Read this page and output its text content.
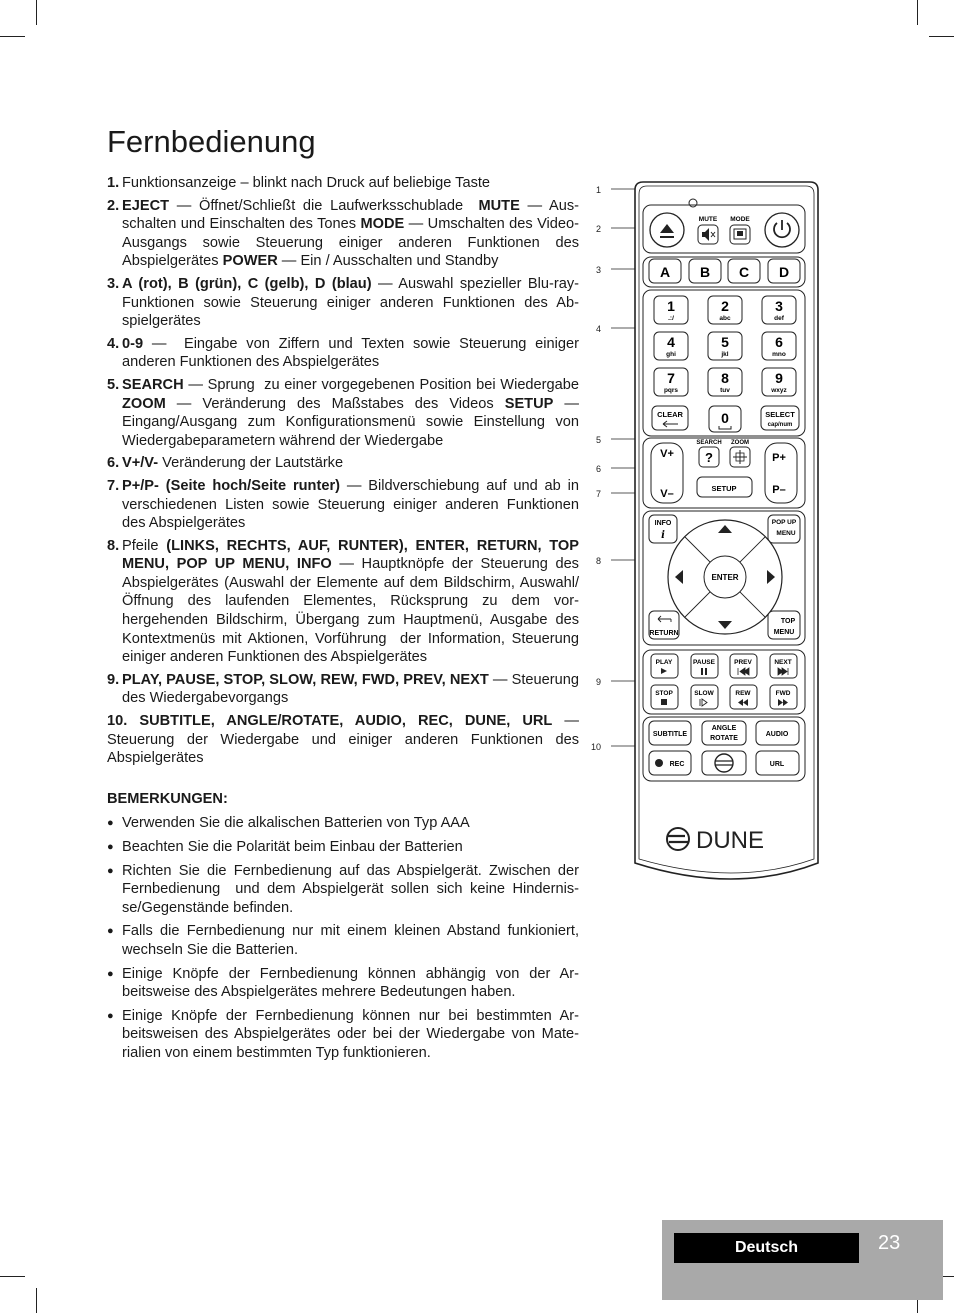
Fernbedienung
1. Funktionsanzeige – blinkt nach Druck auf beliebige Taste
2. EJECT — Öffnet/Schließt die Laufwerksschublade  MUTE — Ausschalten und Einschalten des Tones MODE — Umschalten des Video-Ausgangs sowie Steuerung einiger anderen Funktionen des Abspielgerätes POWER — Ein / Ausschalten und Standby
3. A (rot), B (grün), C (gelb), D (blau) — Auswahl spezieller Blu-ray-Funktionen sowie Steuerung einiger anderen Funktionen des Abspielgerätes
4. 0-9 —  Eingabe von Ziffern und Texten sowie Steuerung einiger anderen Funktionen des Abspielgerätes
5. SEARCH — Sprung  zu einer vorgegebenen Position bei Wiedergabe ZOOM — Veränderung des Maßstabes des Videos SETUP — Eingang/Ausgang zum Konfigurationsmenü sowie Einstellung von Wiedergabeparametern während der Wiedergabe
6. V+/V- Veränderung der Lautstärke
7. P+/P- (Seite hoch/Seite runter) — Bildverschiebung auf und ab in verschiedenen Listen sowie Steuerung einiger anderen Funktionen des Abspielgerätes
8. Pfeile (LINKS, RECHTS, AUF, RUNTER), ENTER, RETURN, TOP MENU, POP UP MENU, INFO — Hauptknöpfe der Steuerung des Abspielgerätes (Auswahl der Elemente auf dem Bildschirm, Auswahl/Öffnung des laufenden Elementes, Rücksprung zu dem vorhergehenden Bildschirm, Übergang zum Hauptmenü, Ausgabe des Kontextmenüs mit Aktionen, Vorführung  der Information, Steuerung einiger anderen Funktionen des Abspielgerätes
9. PLAY, PAUSE, STOP, SLOW, REW, FWD, PREV, NEXT — Steuerung des Wiedergabevorgangs
10. SUBTITLE, ANGLE/ROTATE, AUDIO, REC, DUNE, URL — Steuerung der Wiedergabe und einiger anderen Funktionen des Abspielgerätes
BEMERKUNGEN:
● Verwenden Sie die alkalischen Batterien von Typ AAA
● Beachten Sie die Polarität beim Einbau der Batterien
● Richten Sie die Fernbedienung auf das Abspielgerät. Zwischen der Fernbedienung  und dem Abspielgerät sollen sich keine Hindernisse/Gegenstände befinden.
● Falls die Fernbedienung nur mit einem kleinen Abstand funkioniert, wechseln Sie die Batterien.
● Einige Knöpfe der Fernbedienung können abhängig von der Arbeitsweise des Abspielgerätes mehrere Bedeutungen haben.
● Einige Knöpfe der Fernbedienung können nur bei bestimmten Arbeitsweisen des Abspielgerätes oder bei der Wiedergabe von Materialien von einem bestimmten Typ funktionieren.
1
2
3
4
5
6
7
8
9
10
MUTE MODE
A B C D
1
.:/
2
abc
3
def
4
ghi
5
jkl
6
mno
7
pqrs
8
tuv
9
wxyz
CLEAR	0	SELECT
cap/num
V+
V–
P+
P–
SEARCH ZOOM
?
SETUP
INFO
i
POP UP
MENU
ENTER
RETURN
TOP
MENU
PLAY	PAUSE	PREV	NEXT
STOP	SLOW	REW	FWD
SUBTITLE
ANGLE
ROTATE
AUDIO
REC	URL
DUNE
Deutsch	23
